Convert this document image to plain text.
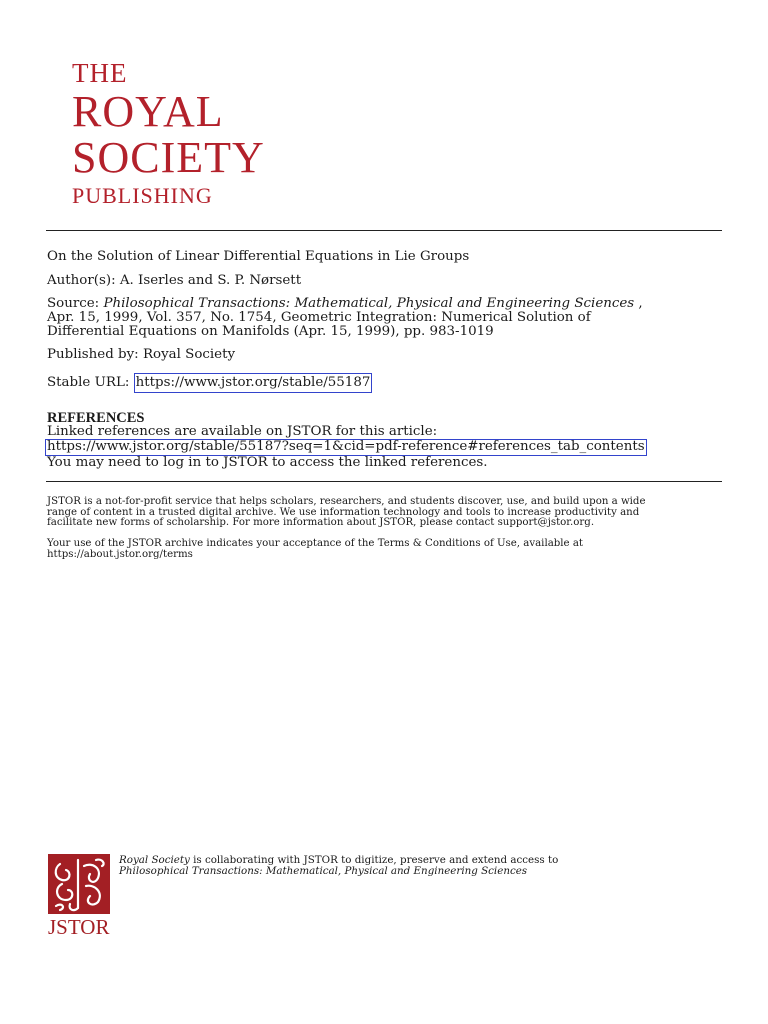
THE
ROYAL
SOCIETY
PUBLISHING
On the Solution of Linear Differential Equations in Lie Groups
Author(s): A. Iserles and S. P. Nørsett
Source: Philosophical Transactions: Mathematical, Physical and Engineering Sciences ,
Apr. 15, 1999, Vol. 357, No. 1754, Geometric Integration: Numerical Solution of
Differential Equations on Manifolds (Apr. 15, 1999), pp. 983-1019
Published by: Royal Society
Stable URL: https://www.jstor.org/stable/55187
REFERENCES
Linked references are available on JSTOR for this article:
https://www.jstor.org/stable/55187?seq=1&cid=pdf-reference#references_tab_contents
You may need to log in to JSTOR to access the linked references.
JSTOR is a not-for-profit service that helps scholars, researchers, and students discover, use, and build upon a wide
range of content in a trusted digital archive. We use information technology and tools to increase productivity and
facilitate new forms of scholarship. For more information about JSTOR, please contact support@jstor.org.
Your use of the JSTOR archive indicates your acceptance of the Terms & Conditions of Use, available at
https://about.jstor.org/terms
JSTOR
Royal Society is collaborating with JSTOR to digitize, preserve and extend access to
Philosophical Transactions: Mathematical, Physical and Engineering Sciences
